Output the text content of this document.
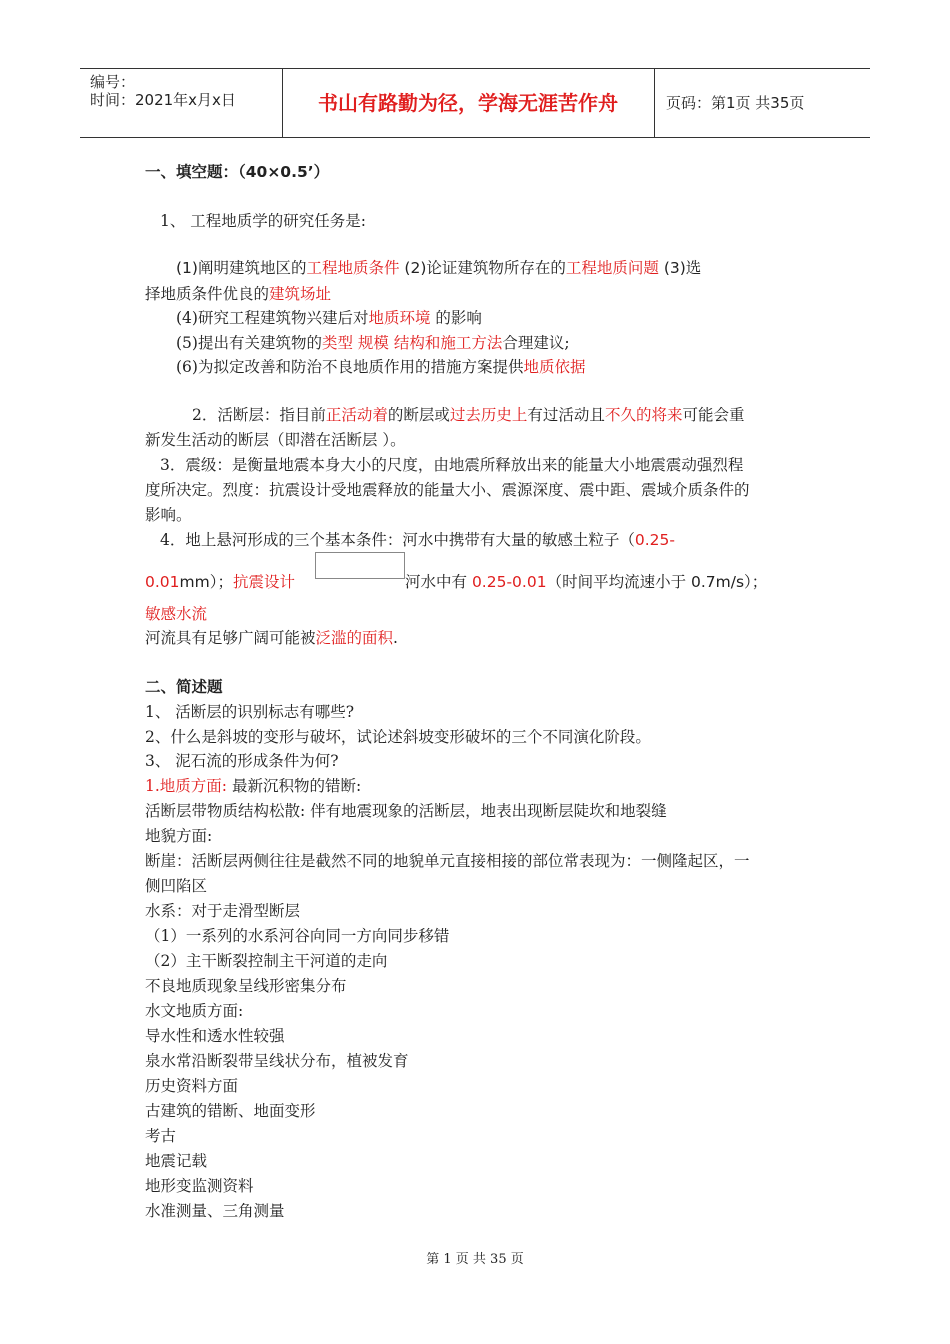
编号：
时间：2021年x月x日	书山有路勤为径，学海无涯苦作舟	页码：第1页 共35页
一、填空题：（40×0.5’）
1、 工程地质学的研究任务是:
(1)阐明建筑地区的工程地质条件 (2)论证建筑物所存在的工程地质问题 (3)选
择地质条件优良的建筑场址
(4)研究工程建筑物兴建后对地质环境 的影响
(5)提出有关建筑物的类型 规模 结构和施工方法合理建议;
(6)为拟定改善和防治不良地质作用的措施方案提供地质依据
2．活断层：指目前正活动着的断层或过去历史上有过活动且不久的将来可能会重
新发生活动的断层（即潜在活断层 ）。
3．震级：是衡量地震本身大小的尺度，由地震所释放出来的能量大小地震震动强烈程
度所决定。烈度：抗震设计受地震释放的能量大小、震源深度、震中距、震域介质条件的
影响。
4．地上悬河形成的三个基本条件：河水中携带有大量的敏感土粒子（0.25-
0.01mm）；抗震设计	河水中有 0.25-0.01（时间平均流速小于 0.7m/s）；
敏感水流
河流具有足够广阔可能被泛滥的面积.
二、简述题
1、 活断层的识别标志有哪些?
2、什么是斜坡的变形与破坏，试论述斜坡变形破坏的三个不同演化阶段。
3、 泥石流的形成条件为何?
1.地质方面: 最新沉积物的错断:
活断层带物质结构松散: 伴有地震现象的活断层，地表出现断层陡坎和地裂缝
地貌方面:
断崖：活断层两侧往往是截然不同的地貌单元直接相接的部位常表现为：一侧隆起区，一
侧凹陷区
水系：对于走滑型断层
（1）一系列的水系河谷向同一方向同步移错
（2）主干断裂控制主干河道的走向
不良地质现象呈线形密集分布
水文地质方面:
导水性和透水性较强
泉水常沿断裂带呈线状分布，植被发育
历史资料方面
古建筑的错断、地面变形
考古
地震记载
地形变监测资料
水准测量、三角测量
第 1 页 共 35 页
